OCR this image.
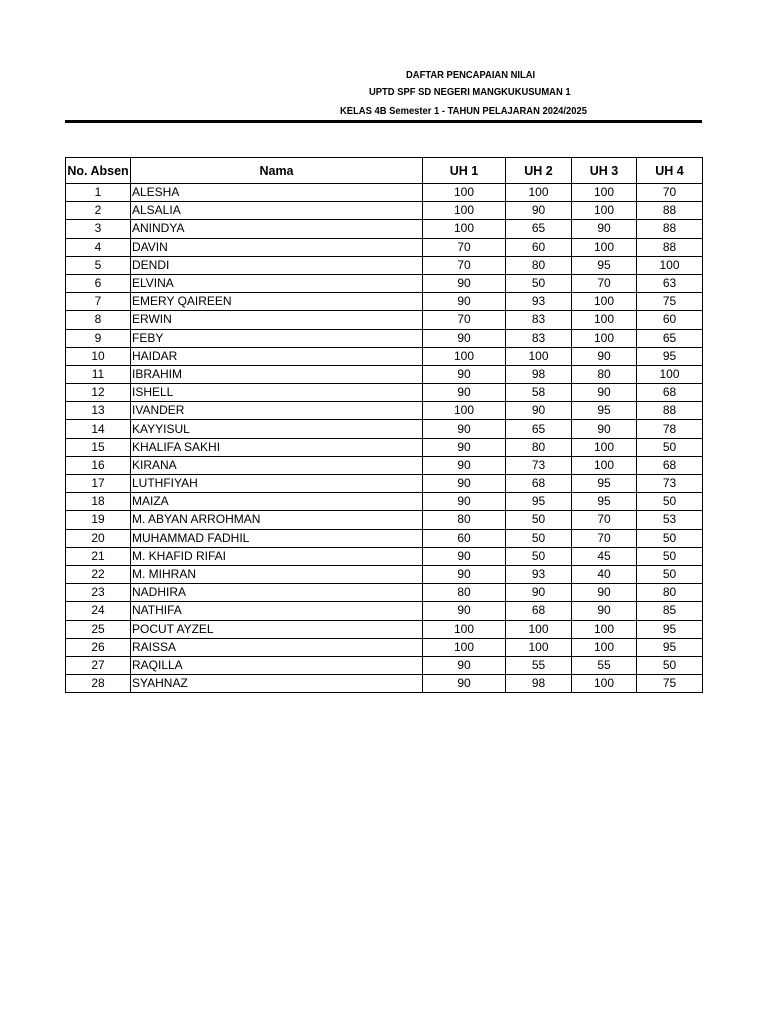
DAFTAR PENCAPAIAN NILAI
UPTD SPF SD NEGERI MANGKUKUSUMAN 1
KELAS 4B Semester 1 - TAHUN PELAJARAN 2024/2025
No. Absen	Nama	UH 1	UH 2	UH 3	UH 4
1	ALESHA	100	100	100	70
2	ALSALIA	100	90	100	88
3	ANINDYA	100	65	90	88
4	DAVIN	70	60	100	88
5	DENDI	70	80	95	100
6	ELVINA	90	50	70	63
7	EMERY QAIREEN	90	93	100	75
8	ERWIN	70	83	100	60
9	FEBY	90	83	100	65
10	HAIDAR	100	100	90	95
11	IBRAHIM	90	98	80	100
12	ISHELL	90	58	90	68
13	IVANDER	100	90	95	88
14	KAYYISUL	90	65	90	78
15	KHALIFA SAKHI	90	80	100	50
16	KIRANA	90	73	100	68
17	LUTHFIYAH	90	68	95	73
18	MAIZA	90	95	95	50
19	M. ABYAN ARROHMAN	80	50	70	53
20	MUHAMMAD FADHIL	60	50	70	50
21	M. KHAFID RIFAI	90	50	45	50
22	M. MIHRAN	90	93	40	50
23	NADHIRA	80	90	90	80
24	NATHIFA	90	68	90	85
25	POCUT AYZEL	100	100	100	95
26	RAISSA	100	100	100	95
27	RAQILLA	90	55	55	50
28	SYAHNAZ	90	98	100	75
